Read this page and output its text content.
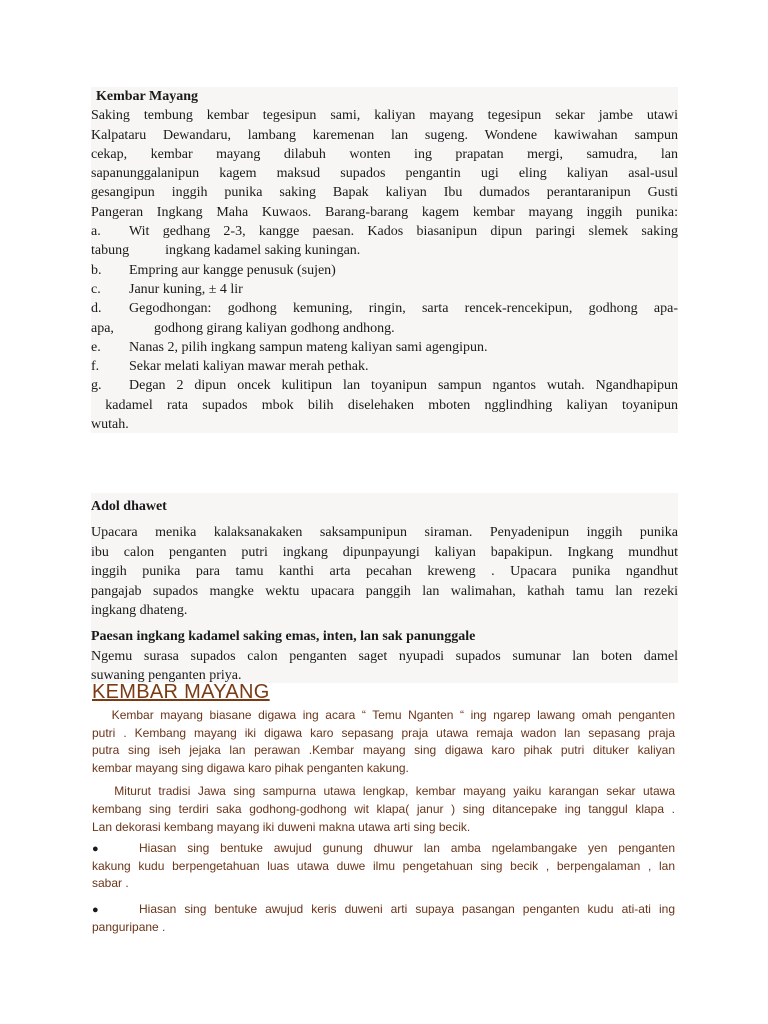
Kembar Mayang
Saking tembung kembar tegesipun sami, kaliyan mayang tegesipun sekar jambe utawi
Kalpataru Dewandaru, lambang karemenan lan sugeng. Wondene kawiwahan sampun
cekap, kembar mayang dilabuh wonten ing prapatan mergi, samudra, lan
sapanunggalanipun kagem maksud supados pengantin ugi eling kaliyan asal-usul
gesangipun inggih punika saking Bapak kaliyan Ibu dumados perantaranipun Gusti
Pangeran Ingkang Maha Kuwaos. Barang-barang kagem kembar mayang inggih punika:
a.	Wit gedhang 2-3, kangge paesan. Kados biasanipun dipun paringi slemek saking
tabung	ingkang kadamel saking kuningan.
b.	Empring aur kangge penusuk (sujen)
c.	Janur kuning, ± 4 lir
d.	Gegodhongan: godhong kemuning, ringin, sarta rencek-rencekipun, godhong apa-
apa,	godhong girang kaliyan godhong andhong.
e.	Nanas 2, pilih ingkang sampun mateng kaliyan sami agengipun.
f.	Sekar melati kaliyan mawar merah pethak.
g.	Degan 2 dipun oncek kulitipun lan toyanipun sampun ngantos wutah. Ngandhapipun
kadamel rata supados mbok bilih diselehaken mboten ngglindhing kaliyan toyanipun
wutah.
Adol dhawet
Upacara menika kalaksanakaken saksampunipun siraman. Penyadenipun inggih punika
ibu calon penganten putri ingkang dipunpayungi kaliyan bapakipun. Ingkang mundhut
inggih punika para tamu kanthi arta pecahan kreweng . Upacara punika ngandhut
pangajab supados mangke wektu upacara panggih lan walimahan, kathah tamu lan rezeki
ingkang dhateng.
Paesan ingkang kadamel saking emas, inten, lan sak panunggale
Ngemu surasa supados calon penganten saget nyupadi supados sumunar lan boten damel
suwaning penganten priya.
KEMBAR MAYANG
Kembar mayang biasane digawa ing acara “ Temu Nganten “ ing ngarep lawang omah penganten
putri . Kembang mayang iki digawa karo sepasang praja utawa remaja wadon lan sepasang praja
putra sing iseh jejaka lan perawan .Kembar mayang sing digawa karo pihak putri dituker kaliyan
kembar mayang sing digawa karo pihak penganten kakung.
Miturut tradisi Jawa sing sampurna utawa lengkap, kembar mayang yaiku karangan sekar utawa
kembang sing terdiri saka godhong-godhong wit klapa( janur ) sing ditancepake ing tanggul klapa .
Lan dekorasi kembang mayang iki duweni makna utawa arti sing becik.
●	Hiasan sing bentuke awujud gunung dhuwur lan amba ngelambangake yen penganten
kakung kudu berpengetahuan luas utawa duwe ilmu pengetahuan sing becik , berpengalaman , lan
sabar .
●	Hiasan sing bentuke awujud keris duweni arti supaya pasangan penganten kudu ati-ati ing
panguripane .
